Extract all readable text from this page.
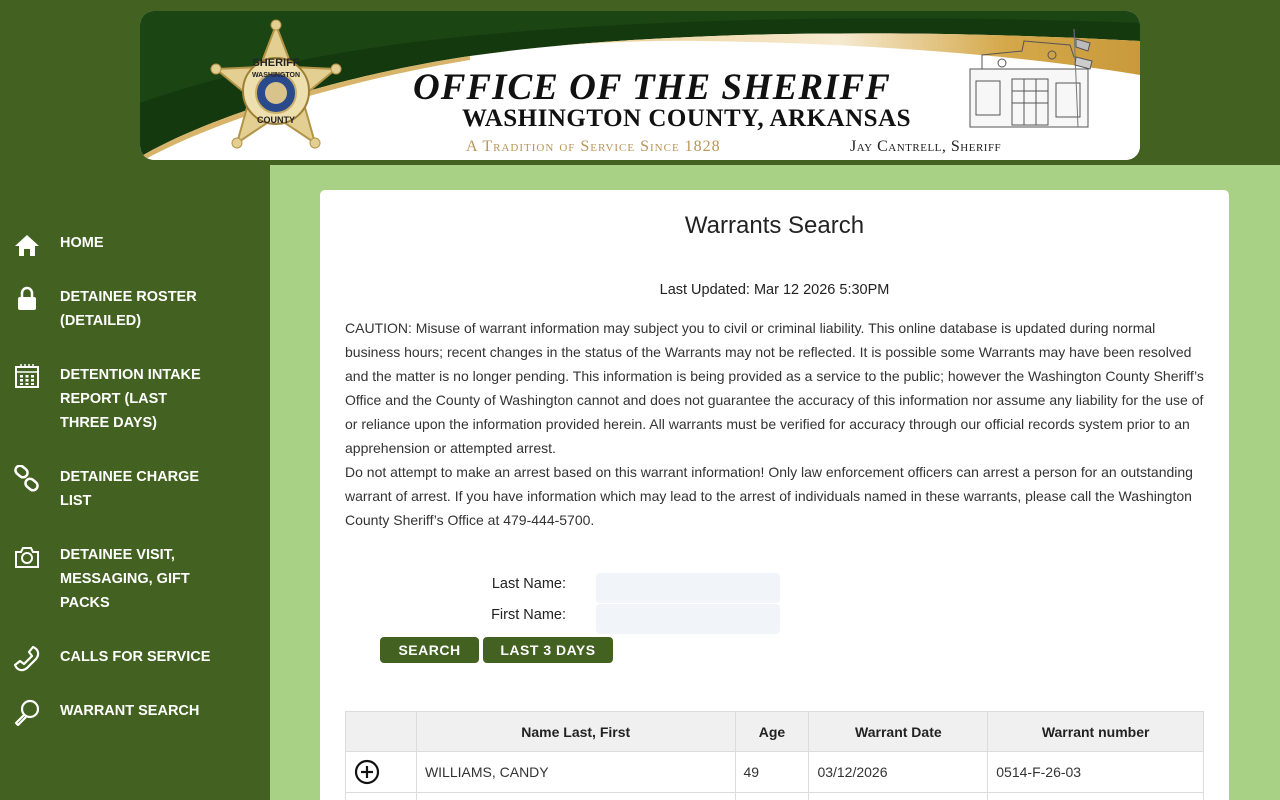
SHERIFF
WASHINGTON
COUNTY
OFFICE OF THE SHERIFF
WASHINGTON COUNTY, ARKANSAS
A Tradition of Service Since 1828	Jay Cantrell, Sheriff
HOME
DETAINEE ROSTER (DETAILED)
DETENTION INTAKE REPORT (LAST THREE DAYS)
DETAINEE CHARGE LIST
DETAINEE VISIT, MESSAGING, GIFT PACKS
CALLS FOR SERVICE
WARRANT SEARCH
Warrants Search
Last Updated: Mar 12 2026 5:30PM

CAUTION: Misuse of warrant information may subject you to civil or criminal liability. This online database is updated during normal business hours; recent changes in the status of the Warrants may not be reflected. It is possible some Warrants may have been resolved and the matter is no longer pending. This information is being provided as a service to the public; however the Washington County Sheriff’s Office and the County of Washington cannot and does not guarantee the accuracy of this information nor assume any liability for the use of or reliance upon the information provided herein. All warrants must be verified for accuracy through our official records system prior to an apprehension or attempted arrest.

Do not attempt to make an arrest based on this warrant information! Only law enforcement officers can arrest a person for an outstanding warrant of arrest. If you have information which may lead to the arrest of individuals named in these warrants, please call the Washington County Sheriff’s Office at 479-444-5700.

Last Name:
First Name:
SEARCH	LAST 3 DAYS
	Name Last, First	Age	Warrant Date	Warrant number
	WILLIAMS, CANDY	49	03/12/2026	0514-F-26-03
